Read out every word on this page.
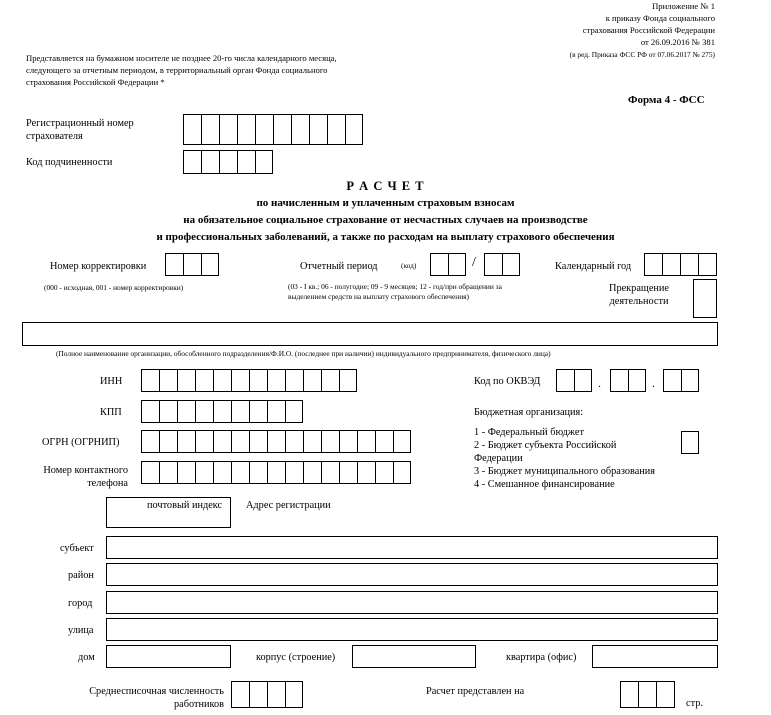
Приложение № 1
к приказу Фонда социального
страхования Российской Федерации
от 26.09.2016 № 381
(в ред. Приказа ФСС РФ от 07.06.2017 № 275)
Представляется на бумажном носителе не позднее 20-го числа календарного месяца,
следующего за отчетным периодом, в территориальный орган Фонда социального
страхования Российской Федерации *
Форма 4 - ФСС
Регистрационный номер
страхователя
Код подчиненности
Р А С Ч Е Т
по начисленным и уплаченным страховым взносам
на обязательное социальное страхование от несчастных случаев на производстве
и профессиональных заболеваний, а также по расходам на выплату страхового обеспечения
Номер корректировки
(000 - исходная, 001 - номер корректировки)
Отчетный период	(код)	/
(03 - I кв.; 06 - полугодие; 09 - 9 месяцев; 12 - год/при обращении за
выделением средств на выплату страхового обеспечения)
Календарный год
Прекращение
деятельности
(Полное наименование организации, обособленного подразделения/Ф.И.О. (последнее при наличии) индивидуального предпринимателя, физического лица)
ИНН
КПП
ОГРН (ОГРНИП)
Номер контактного
телефона
Код по ОКВЭД	.	.
Бюджетная организация:
1 - Федеральный бюджет
2 - Бюджет субъекта Российской
Федерации
3 - Бюджет муниципального образования
4 - Смешанное финансирование
почтовый индекс Адрес регистрации
субъект
район
город
улица
дом	корпус (строение)	квартира (офис)
Среднесписочная численность
работников
Расчет представлен на
стр.
